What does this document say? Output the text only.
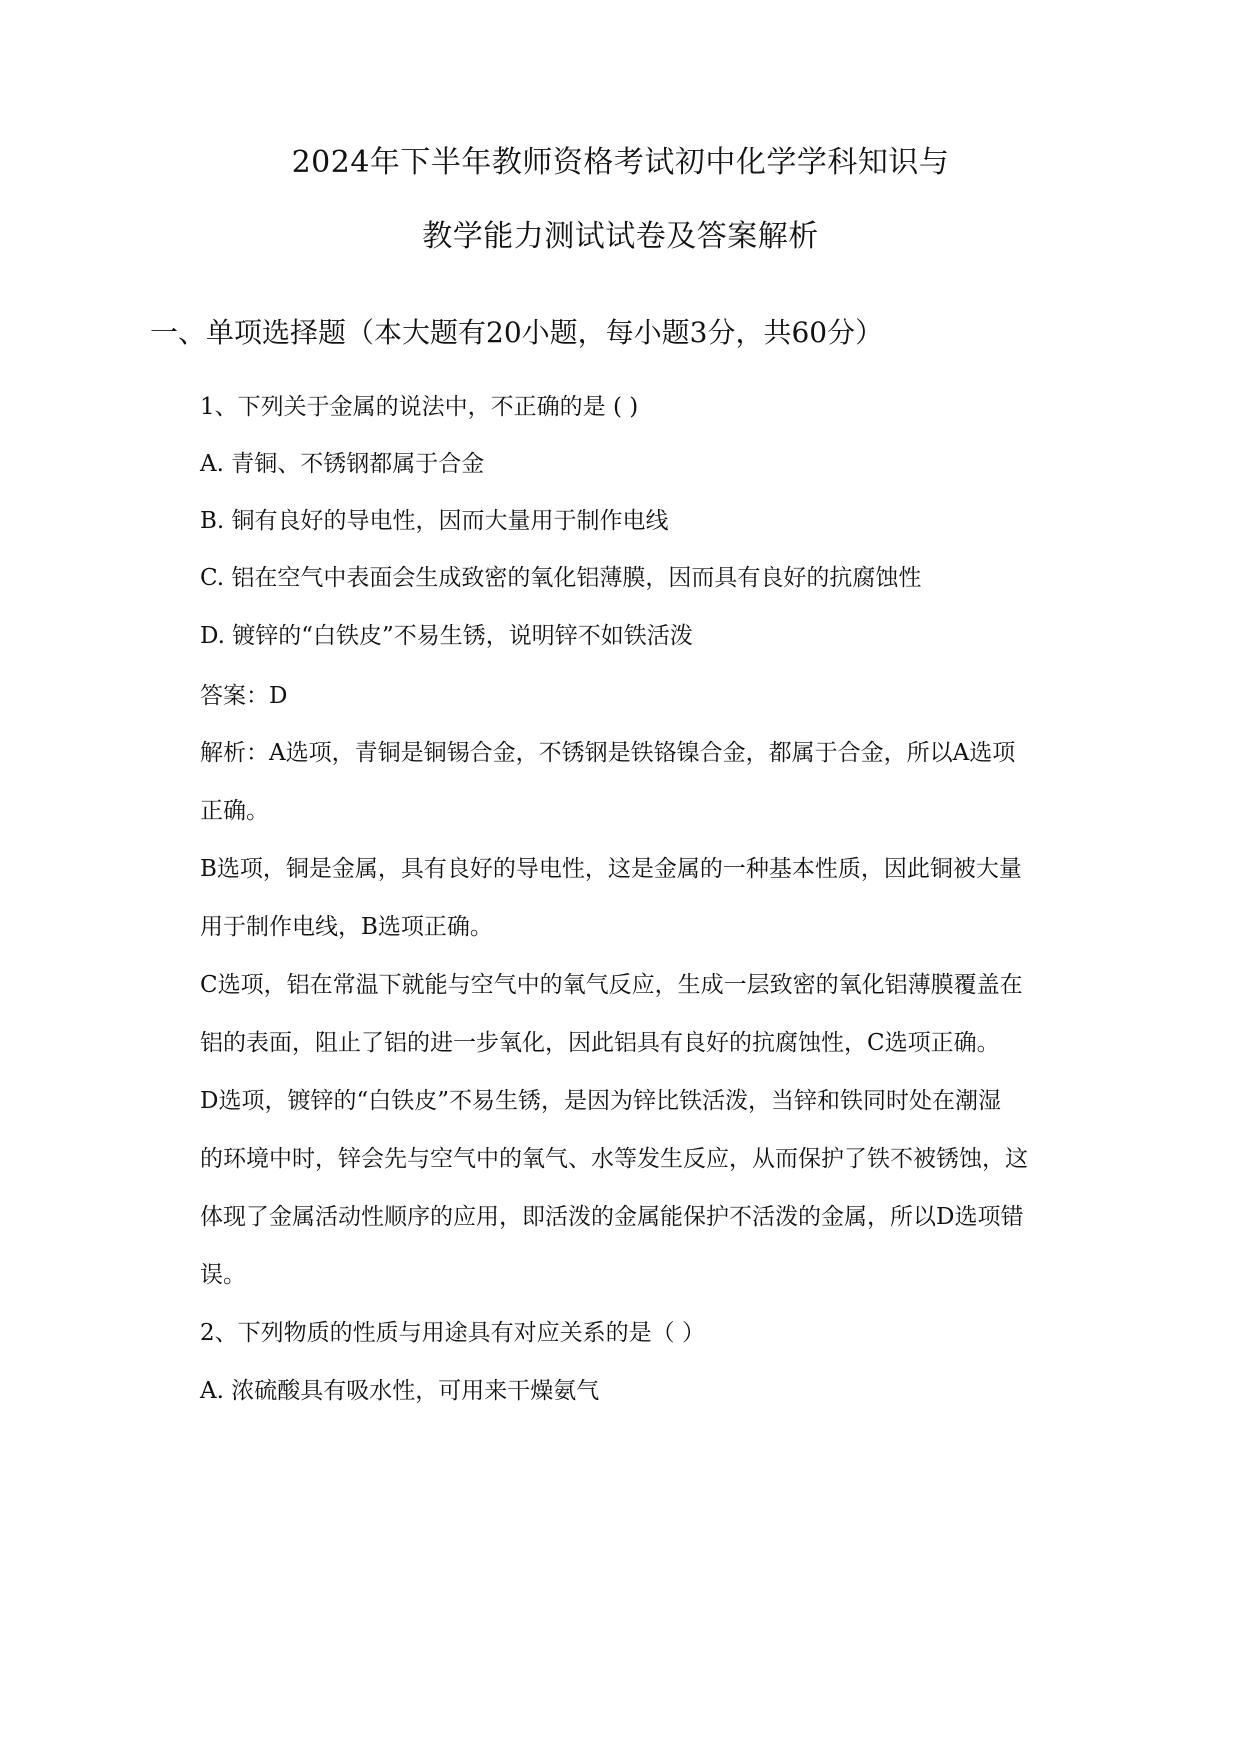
2024年下半年教师资格考试初中化学学科知识与
教学能力测试试卷及答案解析
一、单项选择题（本大题有20小题，每小题3分，共60分）
1、下列关于金属的说法中，不正确的是 ( )
A. 青铜、不锈钢都属于合金
B. 铜有良好的导电性，因而大量用于制作电线
C. 铝在空气中表面会生成致密的氧化铝薄膜，因而具有良好的抗腐蚀性
D. 镀锌的“白铁皮”不易生锈，说明锌不如铁活泼
答案：D
解析：A选项，青铜是铜锡合金，不锈钢是铁铬镍合金，都属于合金，所以A选项
正确。
B选项，铜是金属，具有良好的导电性，这是金属的一种基本性质，因此铜被大量
用于制作电线，B选项正确。
C选项，铝在常温下就能与空气中的氧气反应，生成一层致密的氧化铝薄膜覆盖在
铝的表面，阻止了铝的进一步氧化，因此铝具有良好的抗腐蚀性，C选项正确。
D选项，镀锌的“白铁皮”不易生锈，是因为锌比铁活泼，当锌和铁同时处在潮湿
的环境中时，锌会先与空气中的氧气、水等发生反应，从而保护了铁不被锈蚀，这
体现了金属活动性顺序的应用，即活泼的金属能保护不活泼的金属，所以D选项错
误。
2、下列物质的性质与用途具有对应关系的是（ ）
A. 浓硫酸具有吸水性，可用来干燥氨气
